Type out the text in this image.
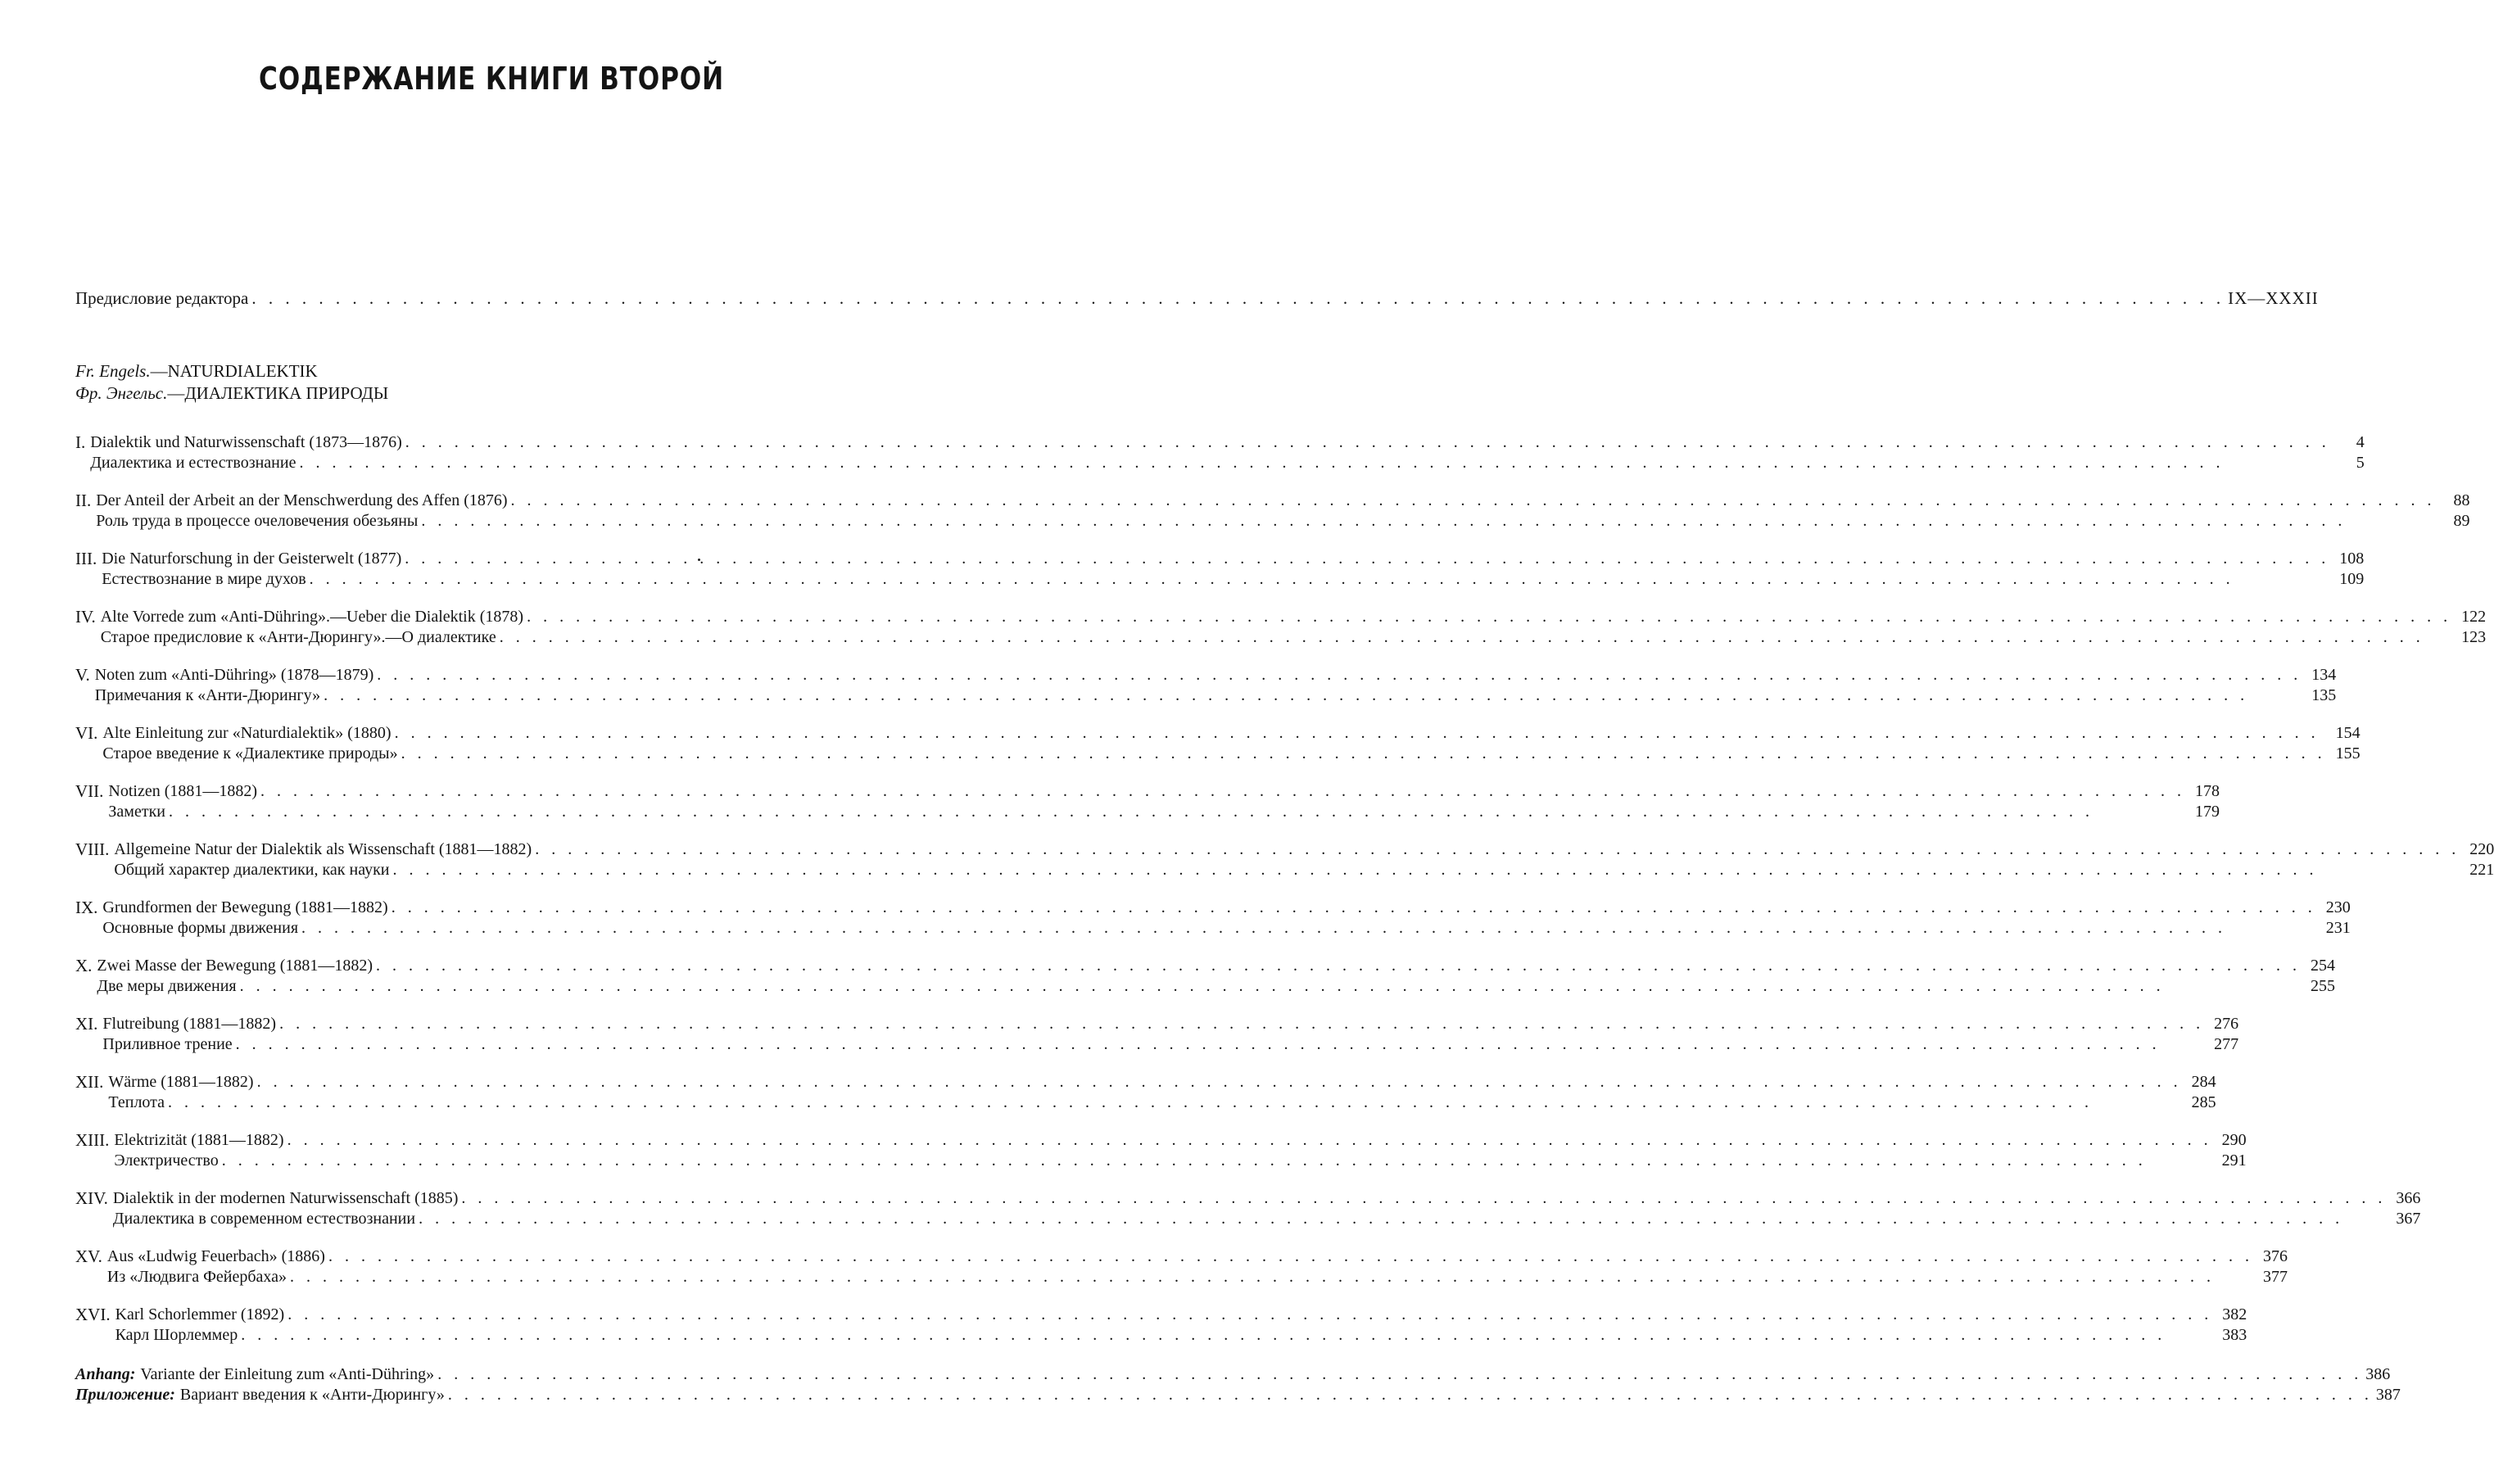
СОДЕРЖАНИЕ КНИГИ ВТОРОЙ
Предисловие редактора . . .	IX—XXXII
Fr. Engels.—NATURDIALEKTIK
Фр. Энгельс.—ДИАЛЕКТИКА ПРИРОДЫ
I. Dialektik und Naturwissenschaft (1873—1876) . . .	4
Диалектика и естествознание . . .	5
II. Der Anteil der Arbeit an der Menschwerdung des Affen (1876) . . .	88
Роль труда в процессе очеловечения обезьяны . . .	89
III. Die Naturforschung in der Geisterwelt (1877) . . .	108
Естествознание в мире духов . . .	109
IV. Alte Vorrede zum «Anti-Dühring».—Ueber die Dialektik (1878) . . .	122
Старое предисловие к «Анти-Дюрингу».—О диалектике . . .	123
V. Noten zum «Anti-Dühring» (1878—1879) . . .	134
Примечания к «Анти-Дюрингу» . . .	135
VI. Alte Einleitung zur «Naturdialektik» (1880) . . .	154
Старое введение к «Диалектике природы» . . .	155
VII. Notizen (1881—1882) . . .	178
Заметки . . .	179
VIII. Allgemeine Natur der Dialektik als Wissenschaft (1881—1882) . . .	220
Общий характер диалектики, как науки . . .	221
IX. Grundformen der Bewegung (1881—1882) . . .	230
Основные формы движения . . .	231
X. Zwei Masse der Bewegung (1881—1882) . . .	254
Две меры движения . . .	255
XI. Flutreibung (1881—1882) . . .	276
Приливное трение . . .	277
XII. Wärme (1881—1882) . . .	284
Теплота . . .	285
XIII. Elektrizität (1881—1882) . . .	290
Электричество . . .	291
XIV. Dialektik in der modernen Naturwissenschaft (1885) . . .	366
Диалектика в современном естествознании . . .	367
XV. Aus «Ludwig Feuerbach» (1886) . . .	376
Из «Людвига Фейербаха» . . .	377
XVI. Karl Schorlemmer (1892) . . .	382
Карл Шорлеммер . . .	383
Anhang: Variante der Einleitung zum «Anti-Dühring» . . .	386
Приложение: Вариант введения к «Анти-Дюрингу» . . .	387
